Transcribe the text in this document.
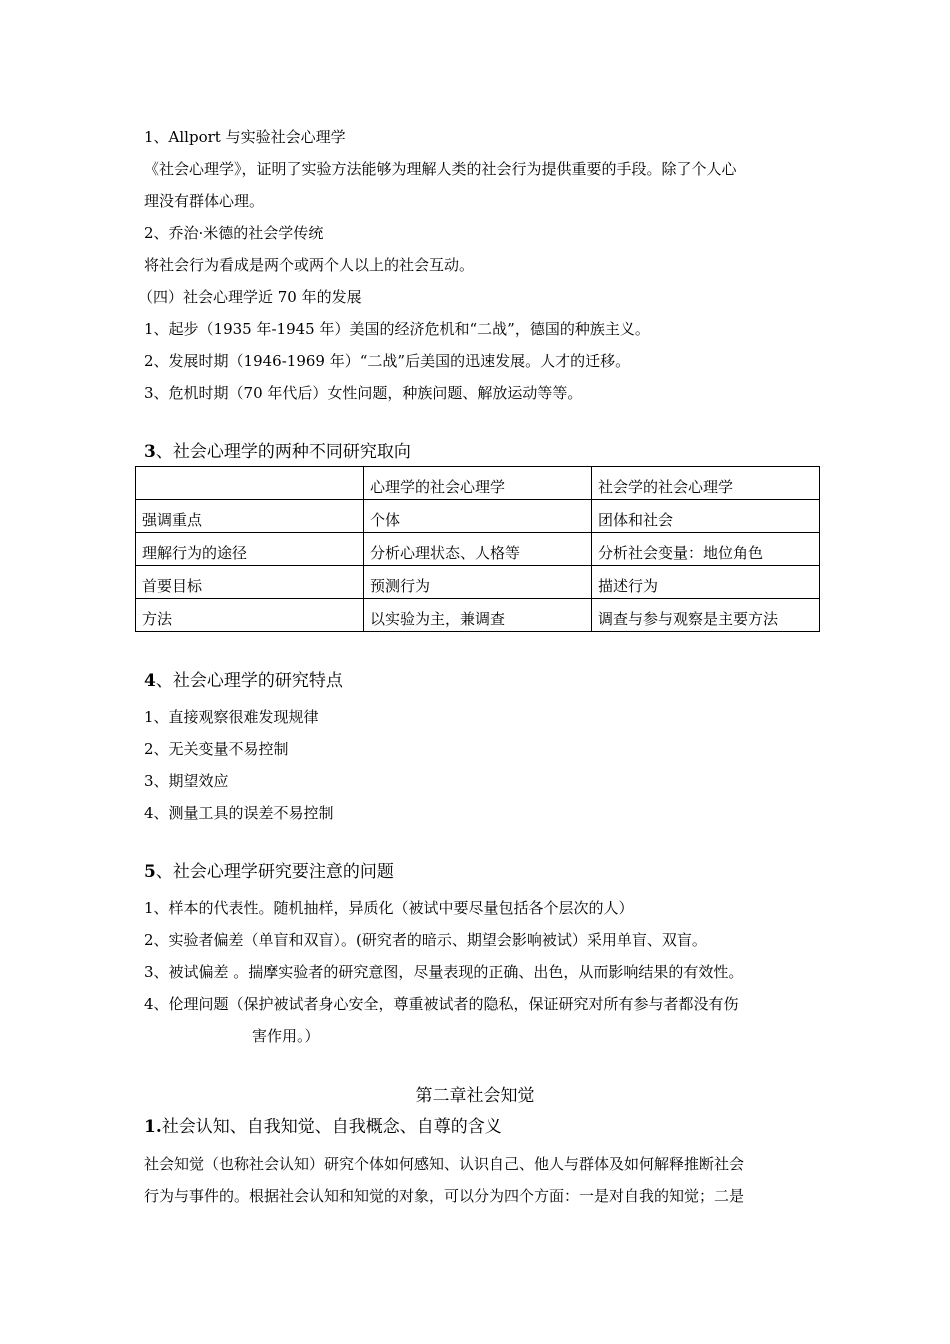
1、Allport 与实验社会心理学
《社会心理学》，证明了实验方法能够为理解人类的社会行为提供重要的手段。除了个人心
理没有群体心理。
2、乔治·米德的社会学传统
将社会行为看成是两个或两个人以上的社会互动。
（四）社会心理学近 70 年的发展
1、起步（1935 年-1945 年）美国的经济危机和“二战”，德国的种族主义。
2、发展时期（1946-1969 年）“二战”后美国的迅速发展。人才的迁移。
3、危机时期（70 年代后）女性问题，种族问题、解放运动等等。
3、社会心理学的两种不同研究取向
	心理学的社会心理学	社会学的社会心理学
强调重点	个体	团体和社会
理解行为的途径	分析心理状态、人格等	分析社会变量：地位角色
首要目标	预测行为	描述行为
方法	以实验为主，兼调查	调查与参与观察是主要方法
4、社会心理学的研究特点
1、直接观察很难发现规律
2、无关变量不易控制
3、期望效应
4、测量工具的误差不易控制
5、社会心理学研究要注意的问题
1、样本的代表性。随机抽样，异质化（被试中要尽量包括各个层次的人）
2、实验者偏差（单盲和双盲）。(研究者的暗示、期望会影响被试）采用单盲、双盲。
3、被试偏差 。揣摩实验者的研究意图，尽量表现的正确、出色，从而影响结果的有效性。
4、伦理问题（保护被试者身心安全，尊重被试者的隐私，保证研究对所有参与者都没有伤
害作用。）
第二章社会知觉
1.社会认知、自我知觉、自我概念、自尊的含义
社会知觉（也称社会认知）研究个体如何感知、认识自己、他人与群体及如何解释推断社会
行为与事件的。根据社会认知和知觉的对象，可以分为四个方面：一是对自我的知觉；二是
